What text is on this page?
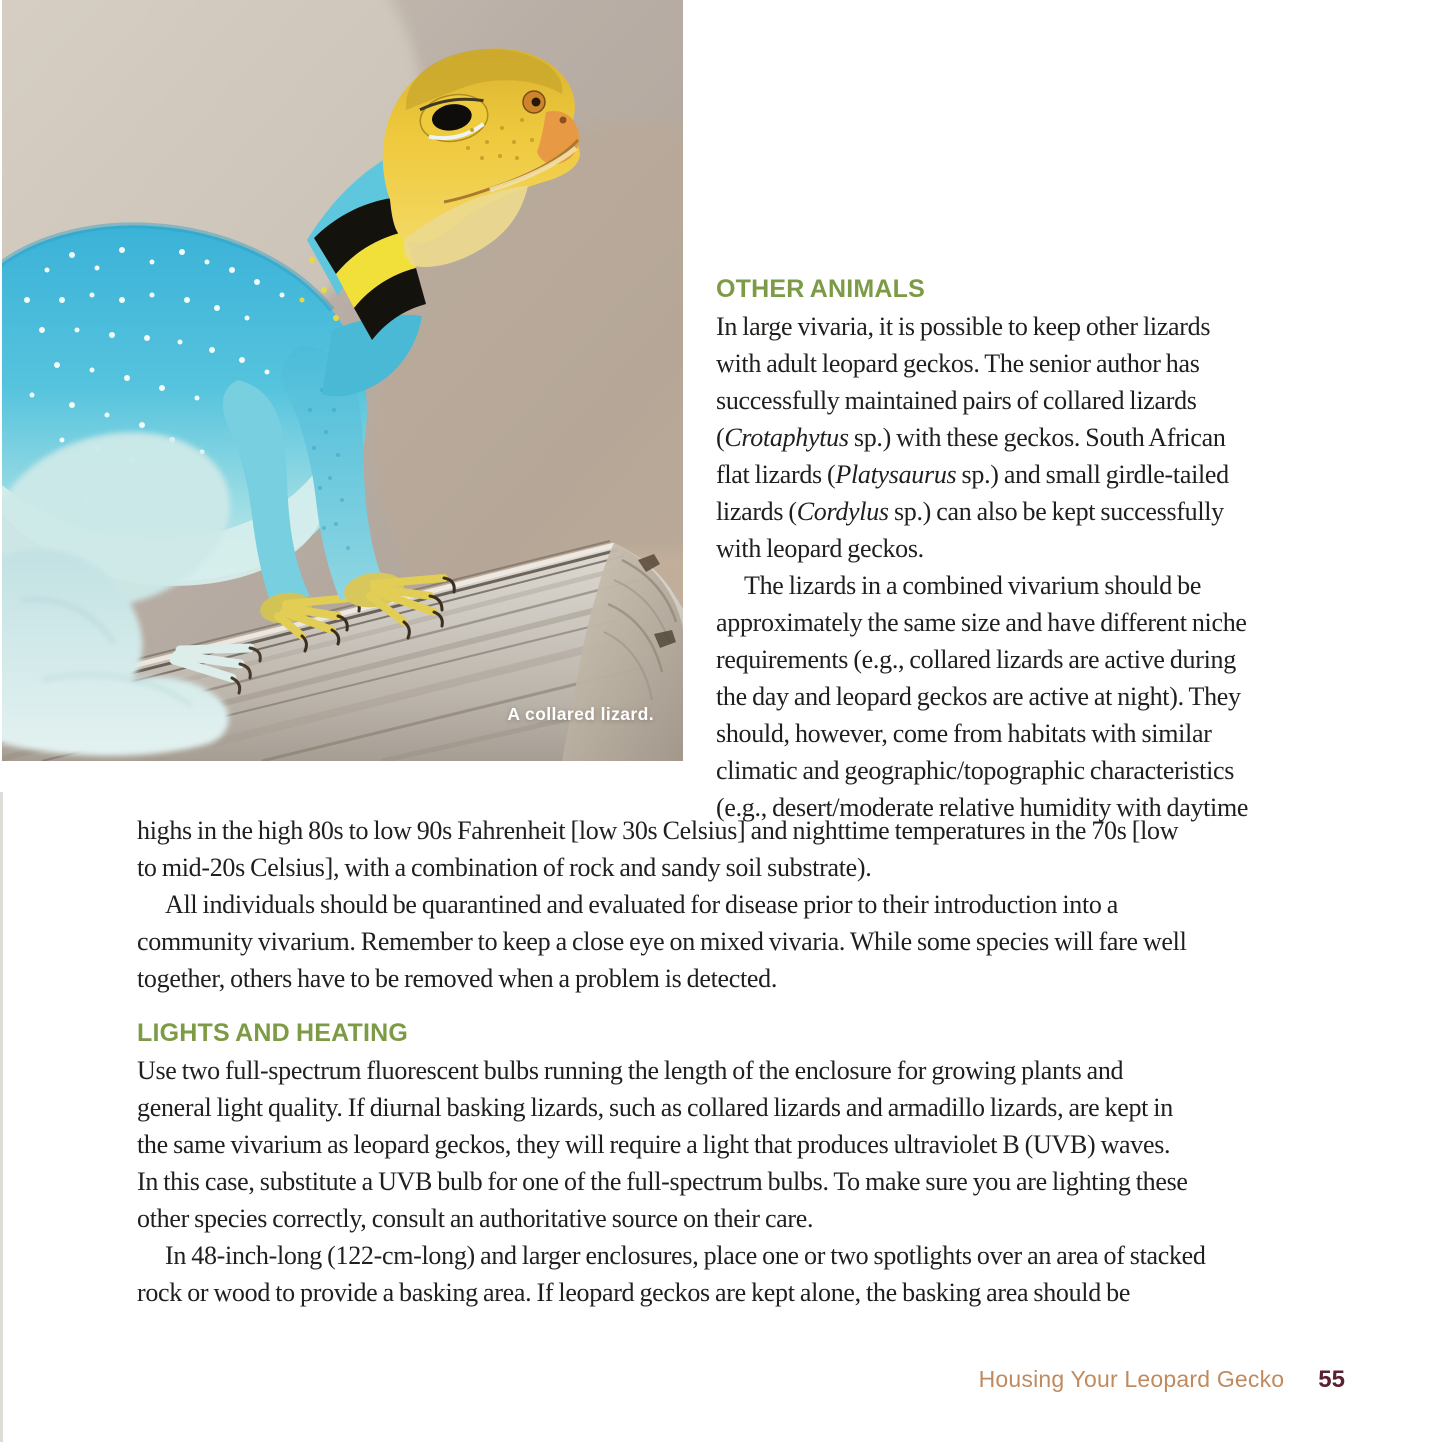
A collared lizard.
OTHER ANIMALS
In large vivaria, it is possible to keep other lizards
with adult leopard geckos. The senior author has
successfully maintained pairs of collared lizards
(Crotaphytus sp.) with these geckos. South African
flat lizards (Platysaurus sp.) and small girdle-tailed
lizards (Cordylus sp.) can also be kept successfully
with leopard geckos.
The lizards in a combined vivarium should be
approximately the same size and have different niche
requirements (e.g., collared lizards are active during
the day and leopard geckos are active at night). They
should, however, come from habitats with similar
climatic and geographic/topographic characteristics
(e.g., desert/moderate relative humidity with daytime
highs in the high 80s to low 90s Fahrenheit [low 30s Celsius] and nighttime temperatures in the 70s [low
to mid-20s Celsius], with a combination of rock and sandy soil substrate).
All individuals should be quarantined and evaluated for disease prior to their introduction into a
community vivarium. Remember to keep a close eye on mixed vivaria. While some species will fare well
together, others have to be removed when a problem is detected.
LIGHTS AND HEATING
Use two full-spectrum fluorescent bulbs running the length of the enclosure for growing plants and
general light quality. If diurnal basking lizards, such as collared lizards and armadillo lizards, are kept in
the same vivarium as leopard geckos, they will require a light that produces ultraviolet B (UVB) waves.
In this case, substitute a UVB bulb for one of the full-spectrum bulbs. To make sure you are lighting these
other species correctly, consult an authoritative source on their care.
In 48-inch-long (122-cm-long) and larger enclosures, place one or two spotlights over an area of stacked
rock or wood to provide a basking area. If leopard geckos are kept alone, the basking area should be
Housing Your Leopard Gecko 55
